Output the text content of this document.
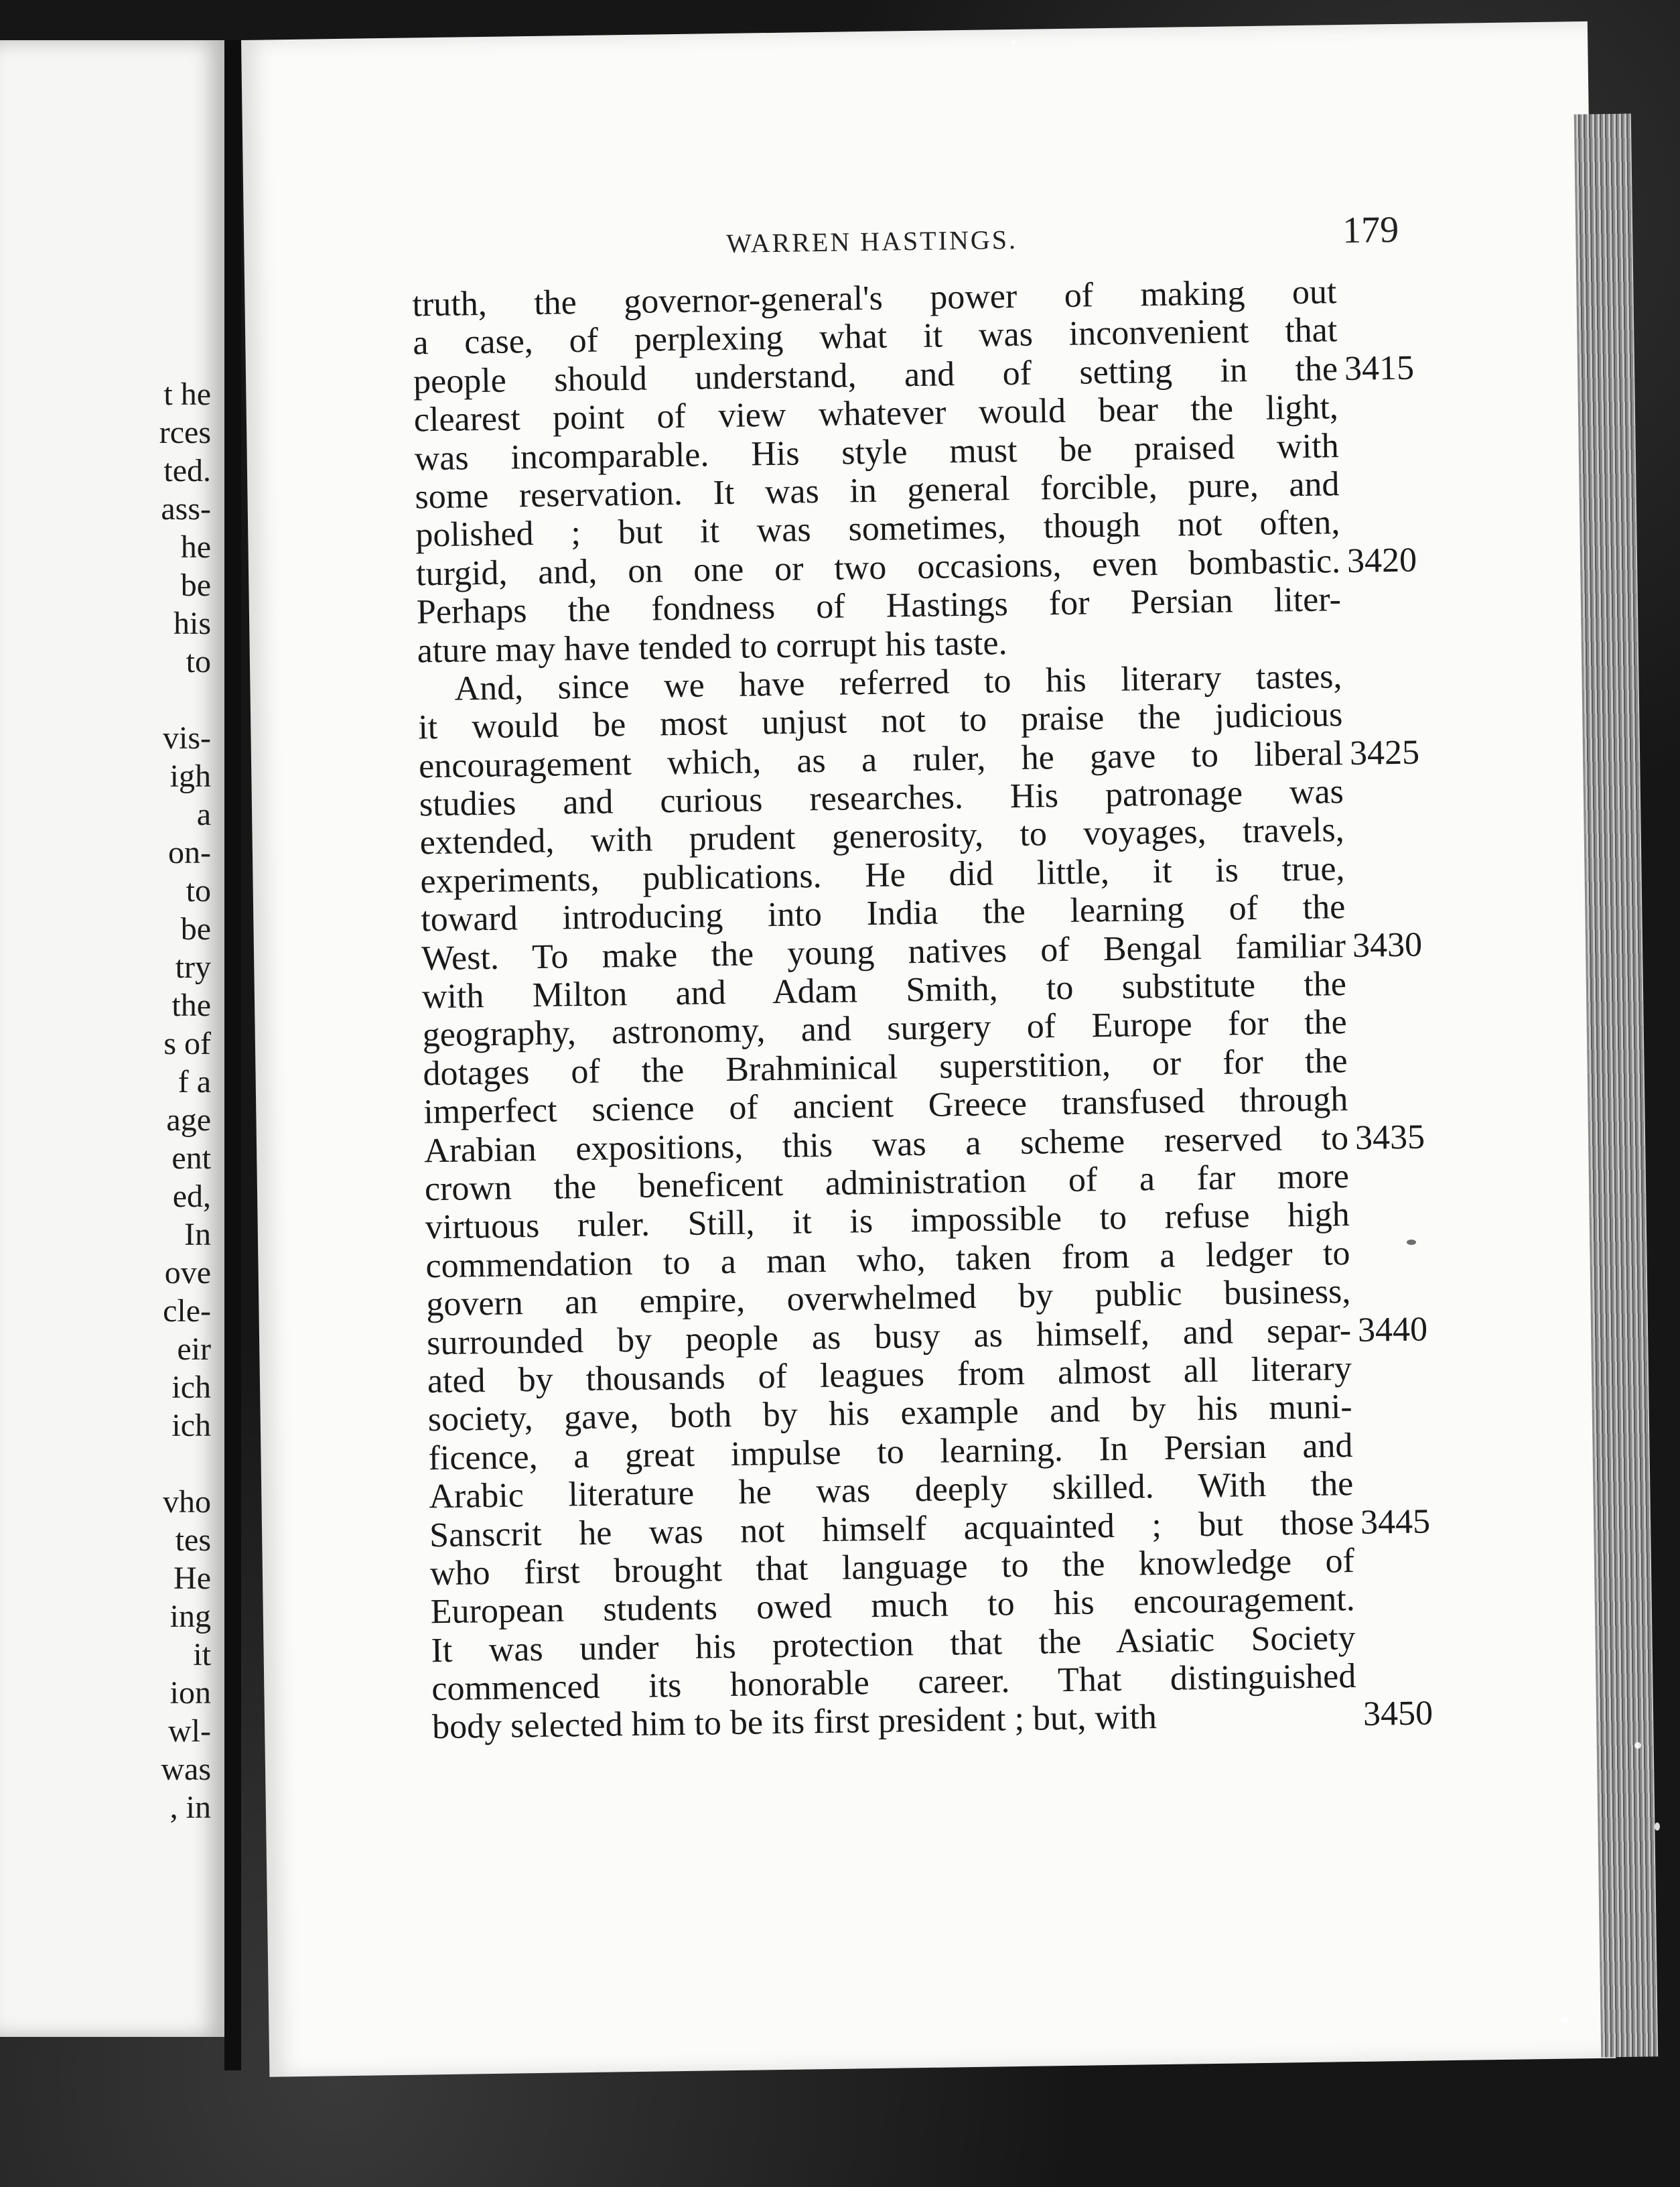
t he
rces
ted.
ass-
he
be
his
to
vis-
igh
a
on-
to
be
try
the
s of
f a
age
ent
ed,
In
ove
cle-
eir
ich
ich
vho
tes
He
ing
it
ion
wl-
was
, in
WARREN HASTINGS.	179
truth, the governor-general's power of making out
a case, of perplexing what it was inconvenient that
people should understand, and of setting in the 3415
clearest point of view whatever would bear the light,
was incomparable. His style must be praised with
some reservation. It was in general forcible, pure, and
polished ; but it was sometimes, though not often,
turgid, and, on one or two occasions, even bombastic. 3420
Perhaps the fondness of Hastings for Persian liter-
ature may have tended to corrupt his taste.
And, since we have referred to his literary tastes,
it would be most unjust not to praise the judicious
encouragement which, as a ruler, he gave to liberal 3425
studies and curious researches. His patronage was
extended, with prudent generosity, to voyages, travels,
experiments, publications. He did little, it is true,
toward introducing into India the learning of the
West. To make the young natives of Bengal familiar 3430
with Milton and Adam Smith, to substitute the
geography, astronomy, and surgery of Europe for the
dotages of the Brahminical superstition, or for the
imperfect science of ancient Greece transfused through
Arabian expositions, this was a scheme reserved to 3435
crown the beneficent administration of a far more
virtuous ruler. Still, it is impossible to refuse high
commendation to a man who, taken from a ledger to
govern an empire, overwhelmed by public business,
surrounded by people as busy as himself, and separ- 3440
ated by thousands of leagues from almost all literary
society, gave, both by his example and by his muni-
ficence, a great impulse to learning. In Persian and
Arabic literature he was deeply skilled. With the
Sanscrit he was not himself acquainted ; but those 3445
who first brought that language to the knowledge of
European students owed much to his encouragement.
It was under his protection that the Asiatic Society
commenced its honorable career. That distinguished
body selected him to be its first president ; but, with	3450
